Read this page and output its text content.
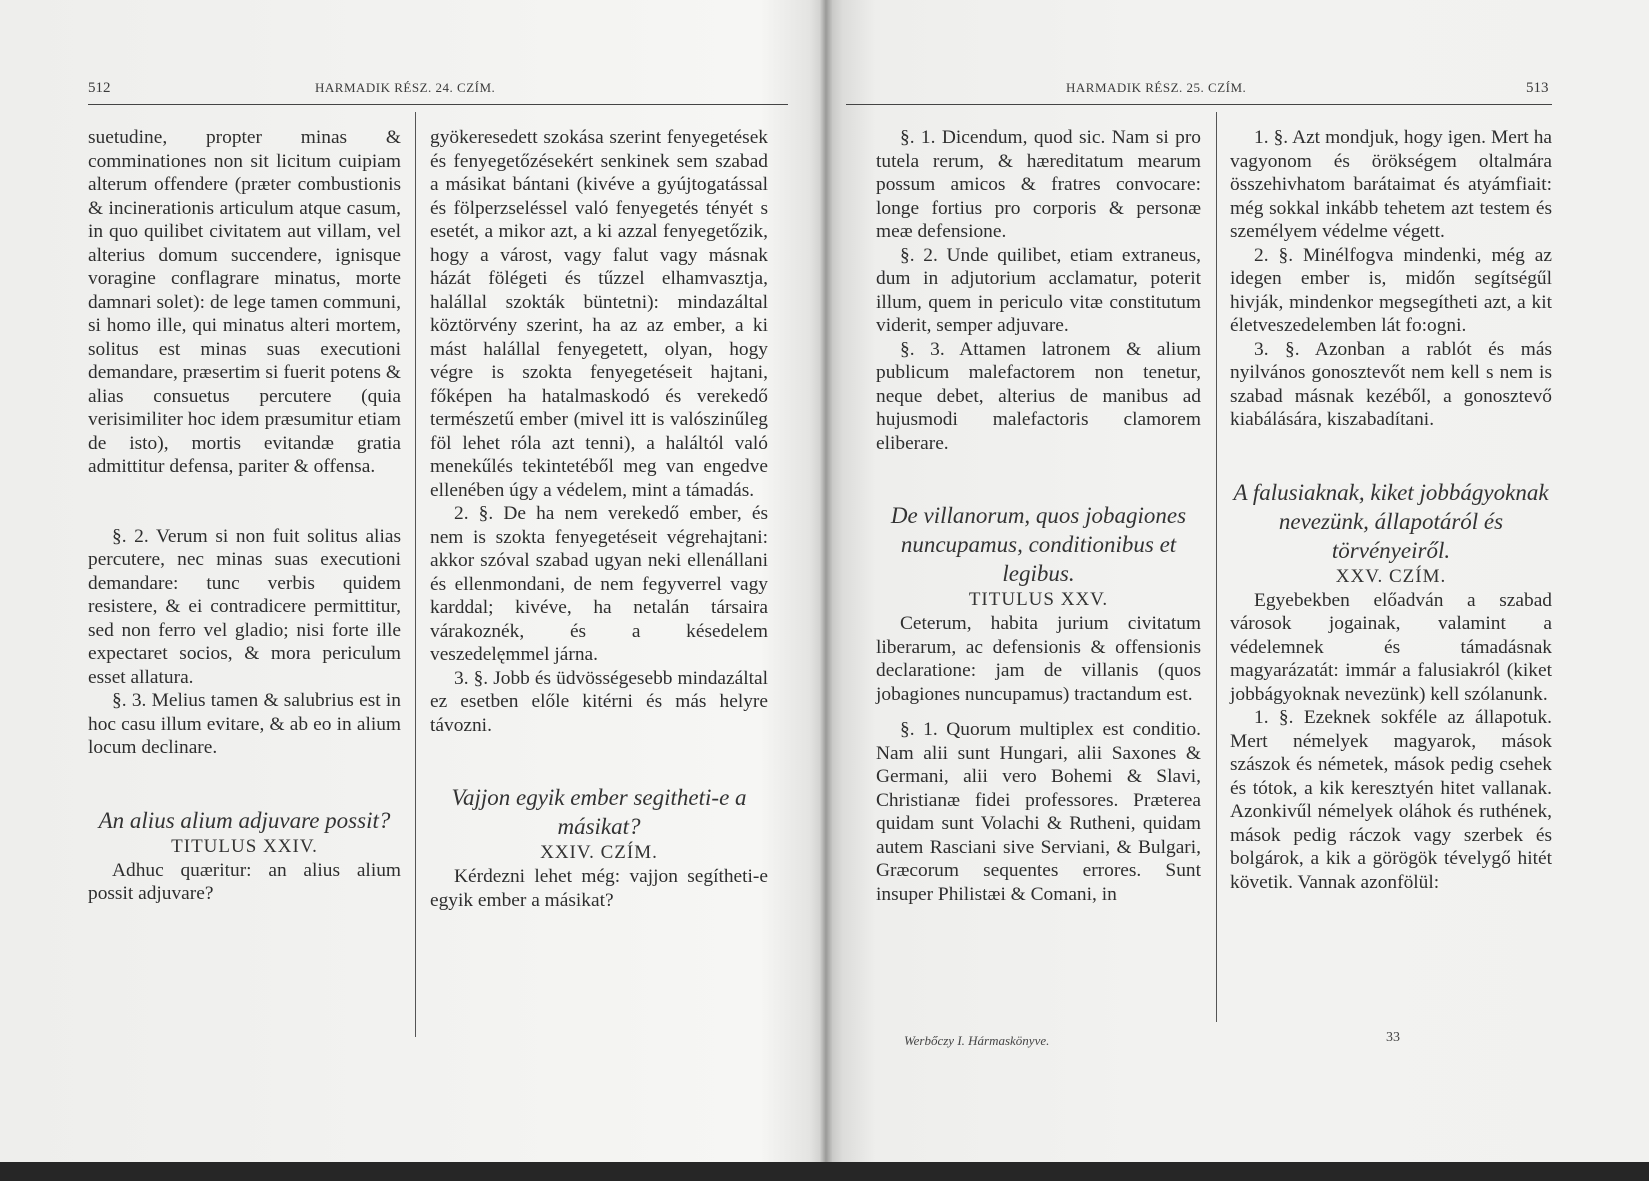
512	HARMADIK RÉSZ. 24. CZÍM.

suetudine, propter minas & comminationes non sit licitum cuipiam alterum offendere (præter combustionis & incinerationis articulum atque casum, in quo quilibet civitatem aut villam, vel alterius domum succendere, ignisque voragine conflagrare minatus, morte damnari solet): de lege tamen communi, si homo ille, qui minatus alteri mortem, solitus est minas suas executioni demandare, præsertim si fuerit potens & alias consuetus percutere (quia verisimiliter hoc idem præsumitur etiam de isto), mortis evitandæ gratia admittitur defensa, pariter & offensa.

§. 2. Verum si non fuit solitus alias percutere, nec minas suas executioni demandare: tunc verbis quidem resistere, & ei contradicere permittitur, sed non ferro vel gladio; nisi forte ille expectaret socios, & mora periculum esset allatura.

§. 3. Melius tamen & salubrius est in hoc casu illum evitare, & ab eo in alium locum declinare.

An alius alium adjuvare possit?

TITULUS XXIV.

Adhuc quæritur: an alius alium possit adjuvare?

gyökeresedett szokása szerint fenyegetések és fenyegetőzésekért senkinek sem szabad a másikat bántani (kivéve a gyújtogatással és fölperzseléssel való fenyegetés tényét s esetét, a mikor azt, a ki azzal fenyegetőzik, hogy a várost, vagy falut vagy másnak házát fölégeti és tűzzel elhamvasztja, halállal szokták büntetni): mindazáltal köztörvény szerint, ha az az ember, a ki mást halállal fenyegetett, olyan, hogy végre is szokta fenyegetéseit hajtani, főképen ha hatalmaskodó és verekedő természetű ember (mivel itt is valószinűleg föl lehet róla azt tenni), a haláltól való menekűlés tekintetéből meg van engedve ellenében úgy a védelem, mint a támadás.

2. §. De ha nem verekedő ember, és nem is szokta fenyegetéseit végrehajtani: akkor szóval szabad ugyan neki ellenállani és ellenmondani, de nem fegyverrel vagy karddal; kivéve, ha netalán társaira várakoznék, és a késedelem veszedelęmmel járna.

3. §. Jobb és üdvösségesebb mindazáltal ez esetben előle kitérni és más helyre távozni.

Vajjon egyik ember segitheti-e a másikat?

XXIV. CZÍM.

Kérdezni lehet még: vajjon segítheti-e egyik ember a másikat?

HARMADIK RÉSZ. 25. CZÍM.	513

§. 1. Dicendum, quod sic. Nam si pro tutela rerum, & hæreditatum mearum possum amicos & fratres convocare: longe fortius pro corporis & personæ meæ defensione.

§. 2. Unde quilibet, etiam extraneus, dum in adjutorium acclamatur, poterit illum, quem in periculo vitæ constitutum viderit, semper adjuvare.

§. 3. Attamen latronem & alium publicum malefactorem non tenetur, neque debet, alterius de manibus ad hujusmodi malefactoris clamorem eliberare.

De villanorum, quos jobagiones nuncupamus, conditionibus et legibus.

TITULUS XXV.

Ceterum, habita jurium civitatum liberarum, ac defensionis & offensionis declaratione: jam de villanis (quos jobagiones nuncupamus) tractandum est.

§. 1. Quorum multiplex est conditio. Nam alii sunt Hungari, alii Saxones & Germani, alii vero Bohemi & Slavi, Christianæ fidei professores. Præterea quidam sunt Volachi & Rutheni, quidam autem Rasciani sive Serviani, & Bulgari, Græcorum sequentes errores. Sunt insuper Philistæi & Comani, in

1. §. Azt mondjuk, hogy igen. Mert ha vagyonom és örökségem oltalmára összehivhatom barátaimat és atyámfiait: még sokkal inkább tehetem azt testem és személyem védelme végett.

2. §. Minélfogva mindenki, még az idegen ember is, midőn segítségűl hivják, mindenkor megsegítheti azt, a kit életveszedelemben lát fo:ogni.

3. §. Azonban a rablót és más nyilvános gonosztevőt nem kell s nem is szabad másnak kezéből, a gonosztevő kiabálására, kiszabadítani.

A falusiaknak, kiket jobbágyoknak nevezünk, állapotáról és törvényeiről.

XXV. CZÍM.

Egyebekben előadván a szabad városok jogainak, valamint a védelemnek és támadásnak magyarázatát: immár a falusiakról (kiket jobbágyoknak nevezünk) kell szólanunk.

1. §. Ezeknek sokféle az állapotuk. Mert némelyek magyarok, mások szászok és németek, mások pedig csehek és tótok, a kik keresztyén hitet vallanak. Azonkivűl némelyek oláhok és ruthének, mások pedig ráczok vagy szerbek és bolgárok, a kik a görögök tévelygő hitét követik. Vannak azonfölül:

Werbőczy I. Hármaskönyve.	33
